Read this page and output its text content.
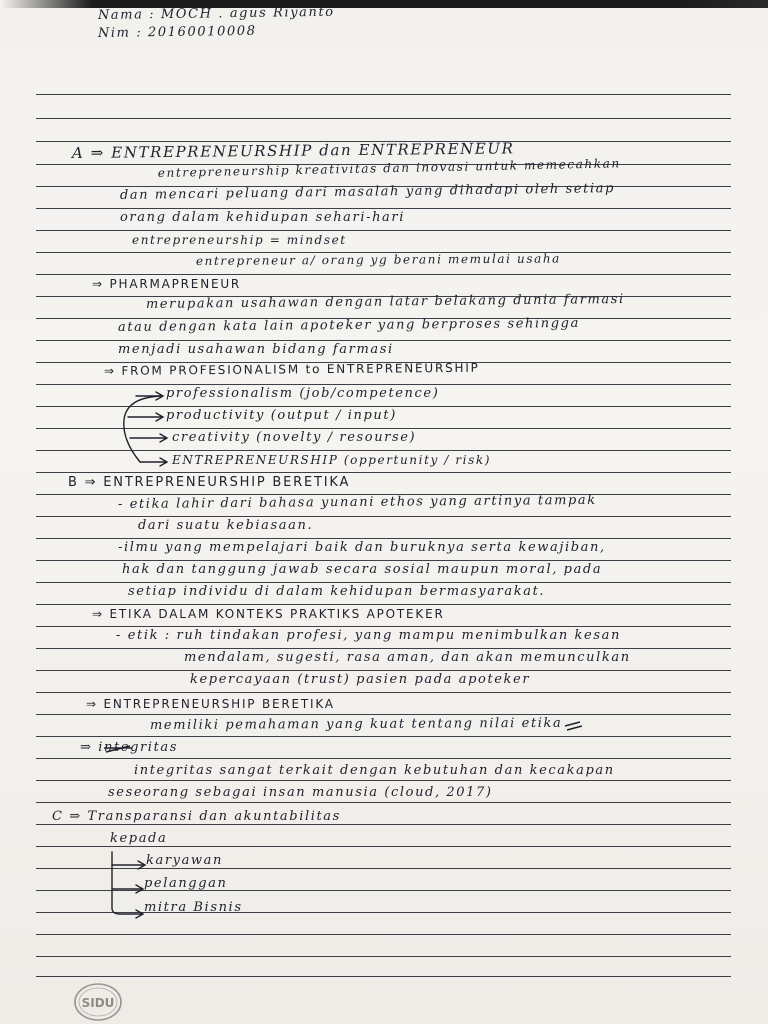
Nama : MOCH . agus Riyanto
Nim : 20160010008
A ⇒ ENTREPRENEURSHIP dan ENTREPRENEUR
entrepreneurship kreativitas dan inovasi untuk memecahkan
dan mencari peluang dari masalah yang dihadapi oleh setiap
orang dalam kehidupan sehari-hari
entrepreneurship = mindset
entrepreneur a/ orang yg berani memulai usaha
⇒ PHARMAPRENEUR
merupakan usahawan dengan latar belakang dunia farmasi
atau dengan kata lain apoteker yang berproses sehingga
menjadi usahawan bidang farmasi
⇒ FROM PROFESIONALISM to ENTREPRENEURSHIP
professionalism (job/competence)
productivity (output / input)
creativity (novelty / resourse)
ENTREPRENEURSHIP (oppertunity / risk)
B ⇒ ENTREPRENEURSHIP BERETIKA
- etika lahir dari bahasa yunani ethos yang artinya tampak
dari suatu kebiasaan.
-ilmu yang mempelajari baik dan buruknya serta kewajiban,
hak dan tanggung jawab secara sosial maupun moral, pada
setiap individu di dalam kehidupan bermasyarakat.
⇒ ETIKA DALAM KONTEKS PRAKTIKS APOTEKER
- etik : ruh tindakan profesi, yang mampu menimbulkan kesan
mendalam, sugesti, rasa aman, dan akan memunculkan
kepercayaan (trust) pasien pada apoteker
⇒ ENTREPRENEURSHIP BERETIKA
memiliki pemahaman yang kuat tentang nilai etika
⇒ integritas
integritas sangat terkait dengan kebutuhan dan kecakapan
seseorang sebagai insan manusia (cloud, 2017)
C ⇒ Transparansi dan akuntabilitas
kepada
karyawan
pelanggan
mitra Bisnis
SIDU
